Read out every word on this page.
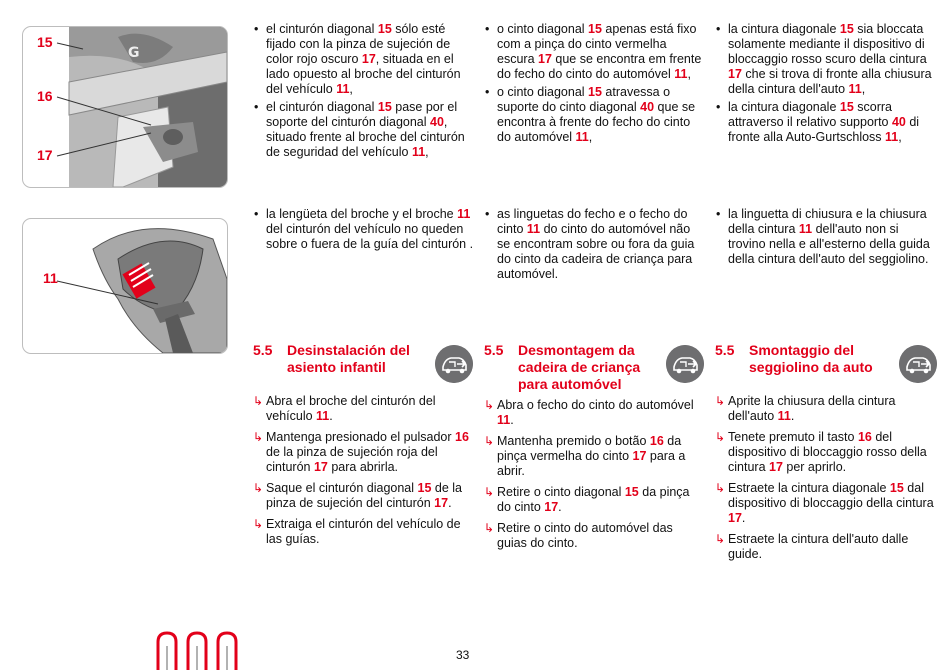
G
15
16
17
11
• el cinturón diagonal 15 sólo esté fijado con la pinza de sujeción de color rojo oscuro 17, situada en el lado opuesto al broche del cinturón del vehículo 11,
• el cinturón diagonal 15 pase por el soporte del cinturón diagonal 40, situado frente al broche del cinturón de seguridad del vehículo 11,
• la lengüeta del broche y el broche 11 del cinturón del vehículo no queden sobre o fuera de la guía del cinturón .
5.5 Desinstalación del asiento infantil
↳ Abra el broche del cinturón del vehículo 11.
↳ Mantenga presionado el pulsador 16 de la pinza de sujeción roja del cinturón 17 para abrirla.
↳ Saque el cinturón diagonal 15 de la pinza de sujeción del cinturón 17.
↳ Extraiga el cinturón del vehículo de las guías.
• o cinto diagonal 15 apenas está fixo com a pinça do cinto vermelha escura 17 que se encontra em frente do fecho do cinto do automóvel 11,
• o cinto diagonal 15 atravessa o suporte do cinto diagonal 40 que se encontra à frente do fecho do cinto do automóvel 11,
• as linguetas do fecho e o fecho do cinto 11 do cinto do automóvel não se encontram sobre ou fora da guia do cinto da cadeira de criança para automóvel.
5.5 Desmontagem da cadeira de criança para automóvel
↳ Abra o fecho do cinto do automóvel 11.
↳ Mantenha premido o botão 16 da pinça vermelha do cinto 17 para a abrir.
↳ Retire o cinto diagonal 15 da pinça do cinto 17.
↳ Retire o cinto do automóvel das guias do cinto.
• la cintura diagonale 15 sia bloccata solamente mediante il dispositivo di bloccaggio rosso scuro della cintura 17 che si trova di fronte alla chiusura della cintura dell'auto 11,
• la cintura diagonale 15 scorra attraverso il relativo supporto 40 di fronte alla Auto-Gurtschloss 11,
• la linguetta di chiusura e la chiusura della cintura 11 dell'auto non si trovino nella e all'esterno della guida della cintura dell'auto del seggiolino.
5.5 Smontaggio del seggiolino da auto
↳ Aprite la chiusura della cintura dell'auto 11.
↳ Tenete premuto il tasto 16 del dispositivo di bloccaggio rosso della cintura 17 per aprirlo.
↳ Estraete la cintura diagonale 15 dal dispositivo di bloccaggio della cintura 17.
↳ Estraete la cintura dell'auto dalle guide.
33
